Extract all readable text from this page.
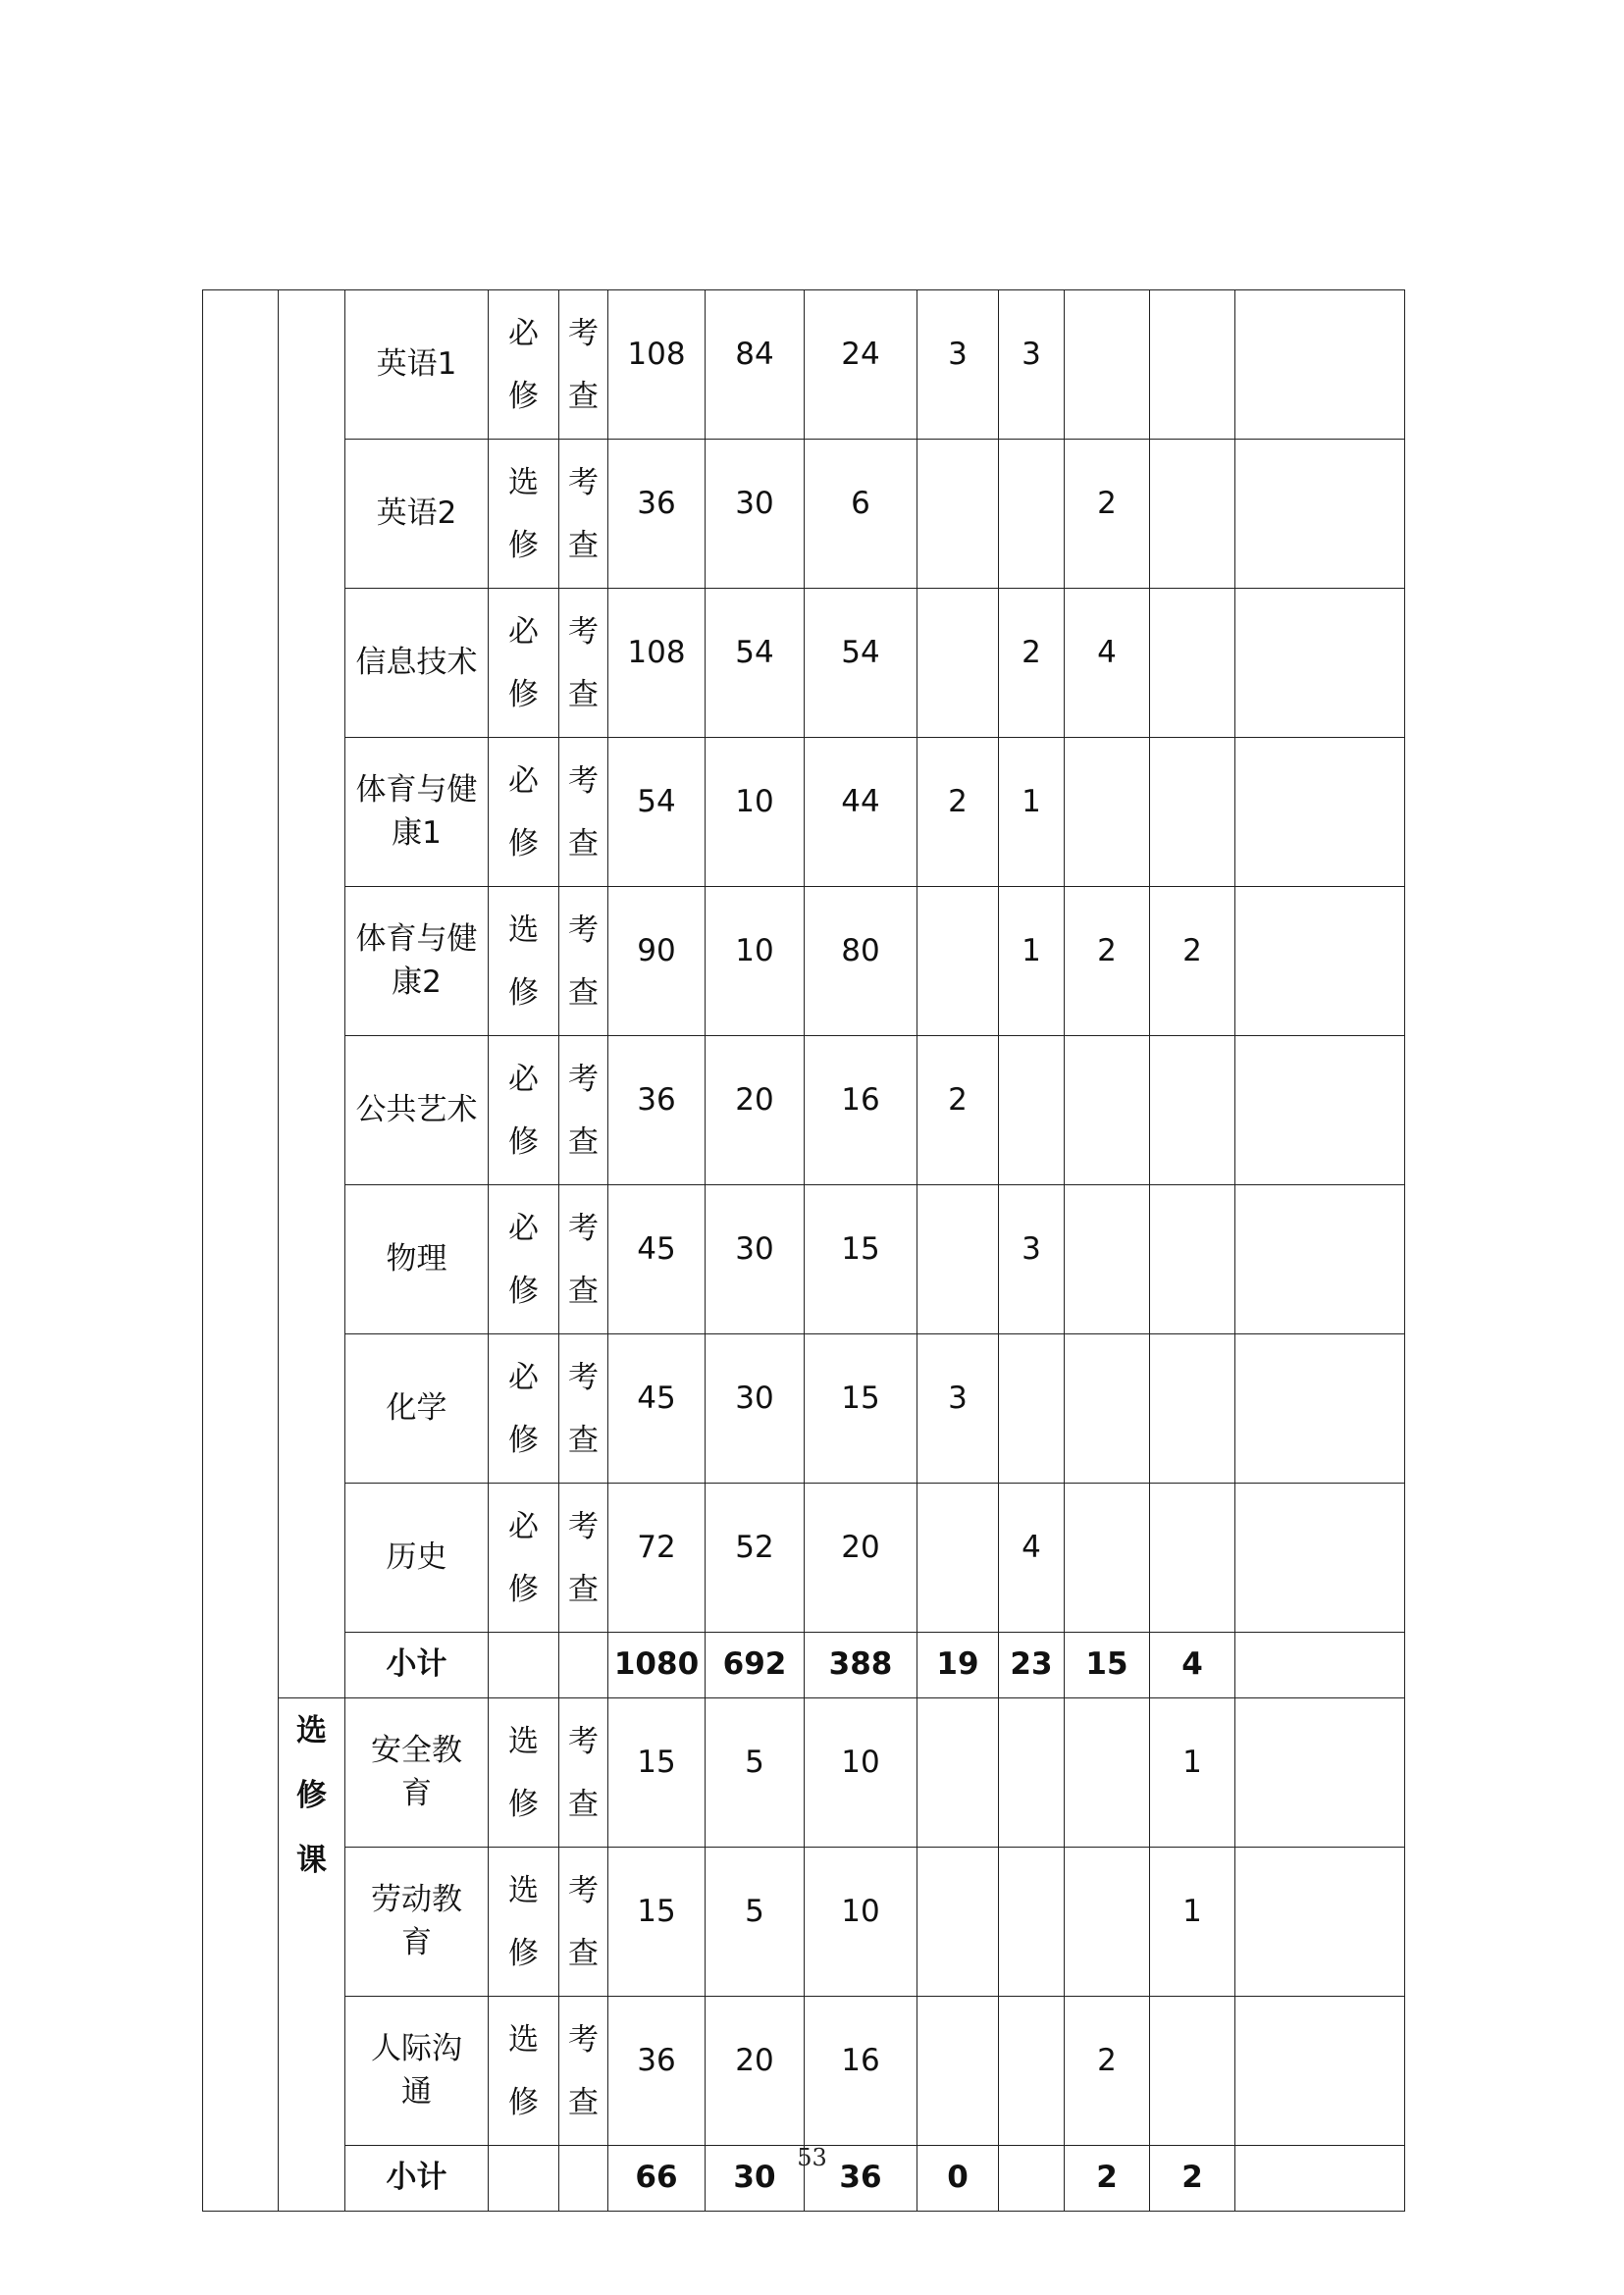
		英语1	必
修	考
查	108	84	24	3	3			
		英语2	选
修	考
查	36	30	6			2		
		信息技术	必
修	考
查	108	54	54		2	4		
		体育与健康1	必
修	考
查	54	10	44	2	1			
		体育与健康2	选
修	考
查	90	10	80		1	2	2	
		公共艺术	必
修	考
查	36	20	16	2				
		物理	必
修	考
查	45	30	15		3			
		化学	必
修	考
查	45	30	15	3				
		历史	必
修	考
查	72	52	20		4			
		小计			1080	692	388	19	23	15	4	

	选
修
课	安全教育	选
修	考
查	15	5	10				1	
		劳动教育	选
修	考
查	15	5	10				1	
		人际沟通	选
修	考
查	36	20	16			2		
		小计			66	30	36	0		2	2	
53
